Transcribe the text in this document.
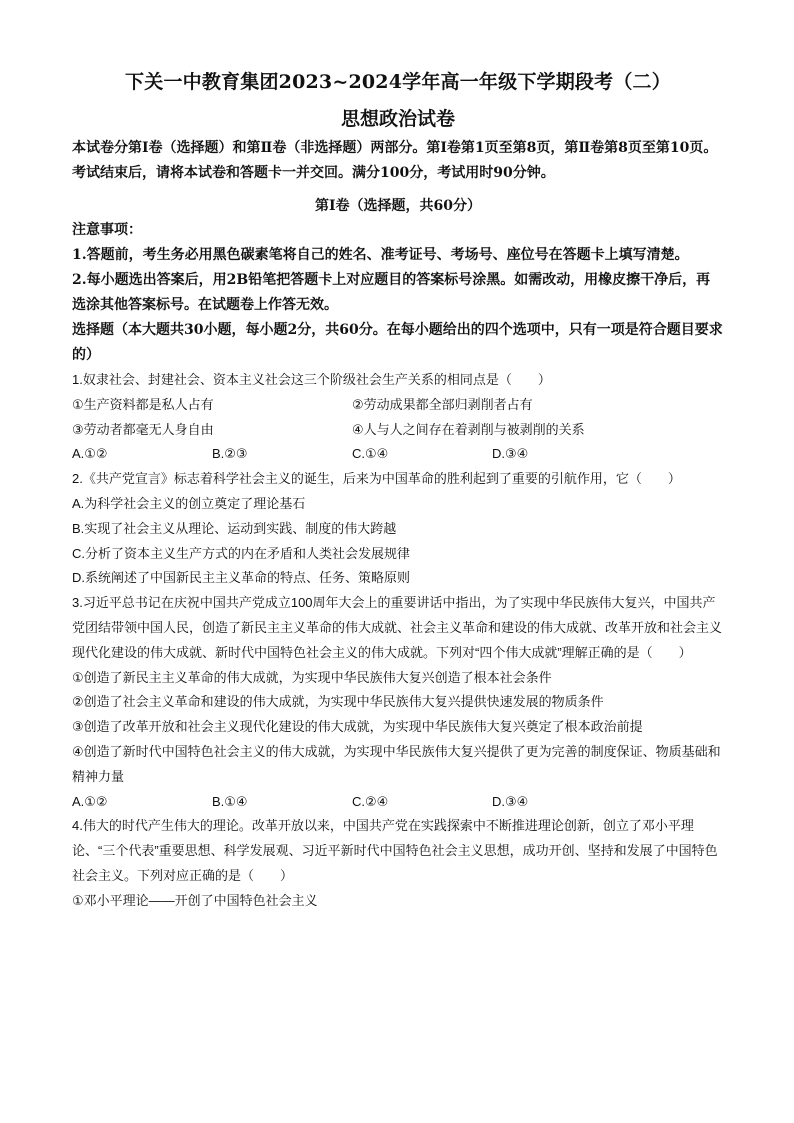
下关一中教育集团2023~2024学年高一年级下学期段考（二）
思想政治试卷

本试卷分第Ⅰ卷（选择题）和第Ⅱ卷（非选择题）两部分。第Ⅰ卷第1页至第8页，第Ⅱ卷第8页至第10页。考试结束后，请将本试卷和答题卡一并交回。满分100分，考试用时90分钟。

第Ⅰ卷（选择题，共60分）

注意事项：

1.答题前，考生务必用黑色碳素笔将自己的姓名、准考证号、考场号、座位号在答题卡上填写清楚。

2.每小题选出答案后，用2B铅笔把答题卡上对应题目的答案标号涂黑。如需改动，用橡皮擦干净后，再选涂其他答案标号。在试题卷上作答无效。

选择题（本大题共30小题，每小题2分，共60分。在每小题给出的四个选项中，只有一项是符合题目要求的）

1.奴隶社会、封建社会、资本主义社会这三个阶级社会生产关系的相同点是（　　）

①生产资料都是私人占有	②劳动成果都全部归剥削者占有
③劳动者都毫无人身自由	④人与人之间存在着剥削与被剥削的关系
A.①②	B.②③	C.①④	D.③④

2.《共产党宣言》标志着科学社会主义的诞生，后来为中国革命的胜利起到了重要的引航作用，它（　　）

A.为科学社会主义的创立奠定了理论基石

B.实现了社会主义从理论、运动到实践、制度的伟大跨越

C.分析了资本主义生产方式的内在矛盾和人类社会发展规律

D.系统阐述了中国新民主主义革命的特点、任务、策略原则

3.习近平总书记在庆祝中国共产党成立100周年大会上的重要讲话中指出，为了实现中华民族伟大复兴，中国共产党团结带领中国人民，创造了新民主主义革命的伟大成就、社会主义革命和建设的伟大成就、改革开放和社会主义现代化建设的伟大成就、新时代中国特色社会主义的伟大成就。下列对“四个伟大成就”理解正确的是（　　）

①创造了新民主主义革命的伟大成就，为实现中华民族伟大复兴创造了根本社会条件

②创造了社会主义革命和建设的伟大成就，为实现中华民族伟大复兴提供快速发展的物质条件

③创造了改革开放和社会主义现代化建设的伟大成就，为实现中华民族伟大复兴奠定了根本政治前提

④创造了新时代中国特色社会主义的伟大成就，为实现中华民族伟大复兴提供了更为完善的制度保证、物质基础和精神力量

A.①②	B.①④	C.②④	D.③④

4.伟大的时代产生伟大的理论。改革开放以来，中国共产党在实践探索中不断推进理论创新，创立了邓小平理论、“三个代表”重要思想、科学发展观、习近平新时代中国特色社会主义思想，成功开创、坚持和发展了中国特色社会主义。下列对应正确的是（　　）

①邓小平理论——开创了中国特色社会主义
